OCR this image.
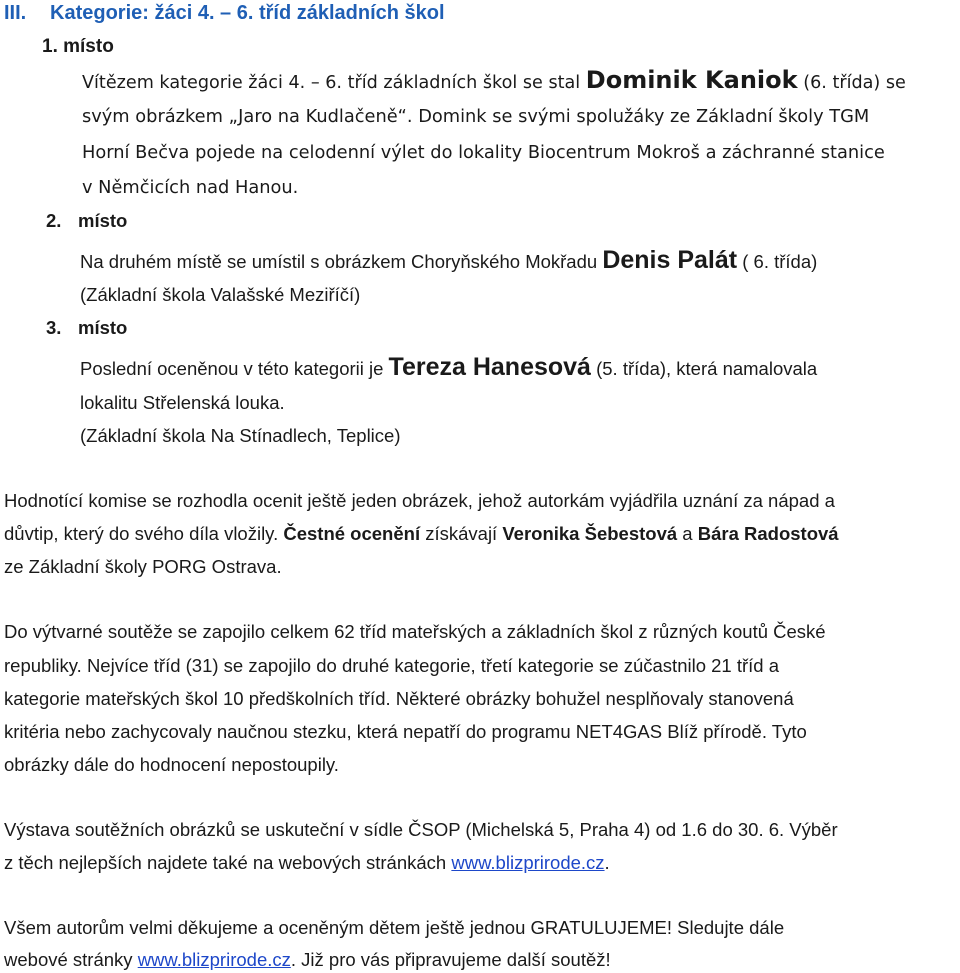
III. Kategorie: žáci 4. – 6. tříd základních škol
1. místo
Vítězem kategorie žáci 4. – 6. tříd základních škol se stal Dominik Kaniok (6. třída) se
svým obrázkem „Jaro na Kudlačeně“. Domink se svými spolužáky ze Základní školy TGM
Horní Bečva pojede na celodenní výlet do lokality Biocentrum Mokroš a záchranné stanice
v Němčicích nad Hanou.
2. místo
Na druhém místě se umístil s obrázkem Choryňského Mokřadu Denis Palát ( 6. třída)
(Základní škola Valašské Meziříčí)
3. místo
Poslední oceněnou v této kategorii je Tereza Hanesová (5. třída), která namalovala
lokalitu Střelenská louka.
(Základní škola Na Stínadlech, Teplice)
Hodnotící komise se rozhodla ocenit ještě jeden obrázek, jehož autorkám vyjádřila uznání za nápad a
důvtip, který do svého díla vložily. Čestné ocenění získávají Veronika Šebestová a Bára Radostová
ze Základní školy PORG Ostrava.
Do výtvarné soutěže se zapojilo celkem 62 tříd mateřských a základních škol z různých koutů České
republiky. Nejvíce tříd (31) se zapojilo do druhé kategorie, třetí kategorie se zúčastnilo 21 tříd a
kategorie mateřských škol 10 předškolních tříd. Některé obrázky bohužel nesplňovaly stanovená
kritéria nebo zachycovaly naučnou stezku, která nepatří do programu NET4GAS Blíž přírodě. Tyto
obrázky dále do hodnocení nepostoupily.
Výstava soutěžních obrázků se uskuteční v sídle ČSOP (Michelská 5, Praha 4) od 1.6 do 30. 6. Výběr
z těch nejlepších najdete také na webových stránkách www.blizprirode.cz.
Všem autorům velmi děkujeme a oceněným dětem ještě jednou GRATULUJEME! Sledujte dále
webové stránky www.blizprirode.cz. Již pro vás připravujeme další soutěž!
